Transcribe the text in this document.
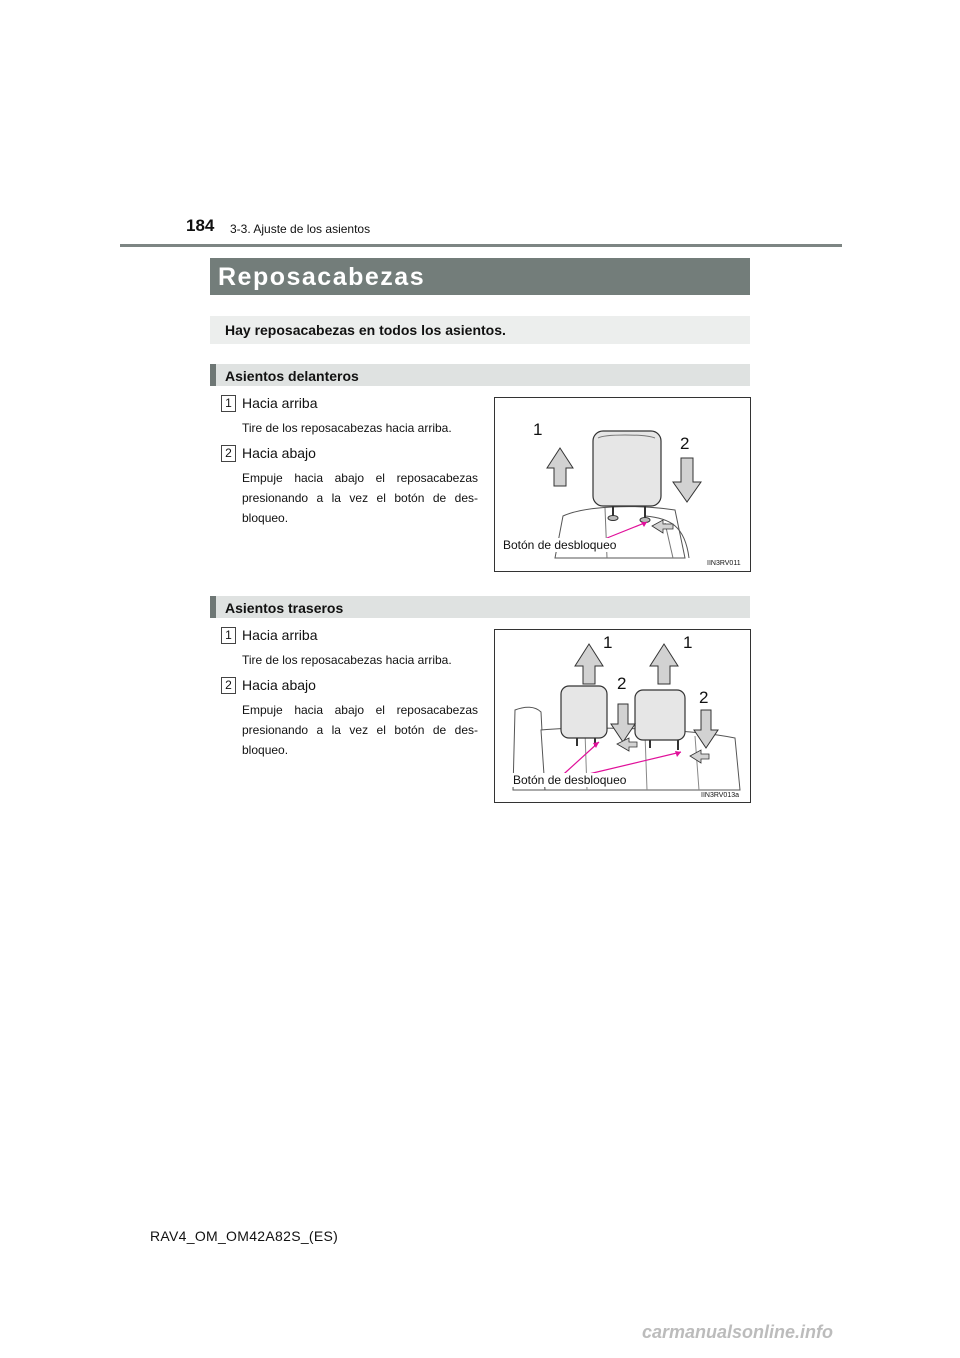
184 3-3. Ajuste de los asientos
Reposacabezas
Hay reposacabezas en todos los asientos.
Asientos delanteros
1 Hacia arriba
Tire de los reposacabezas hacia arriba.
2 Hacia abajo
Empuje hacia abajo el reposacabezas presionando a la vez el botón de desbloqueo.
1
2
Botón de desbloqueo
IIN3RV011
Asientos traseros
1 Hacia arriba
Tire de los reposacabezas hacia arriba.
2 Hacia abajo
Empuje hacia abajo el reposacabezas presionando a la vez el botón de desbloqueo.
1	1
2
2
Botón de desbloqueo
IIN3RV013a
RAV4_OM_OM42A82S_(ES)
carmanualsonline.info
